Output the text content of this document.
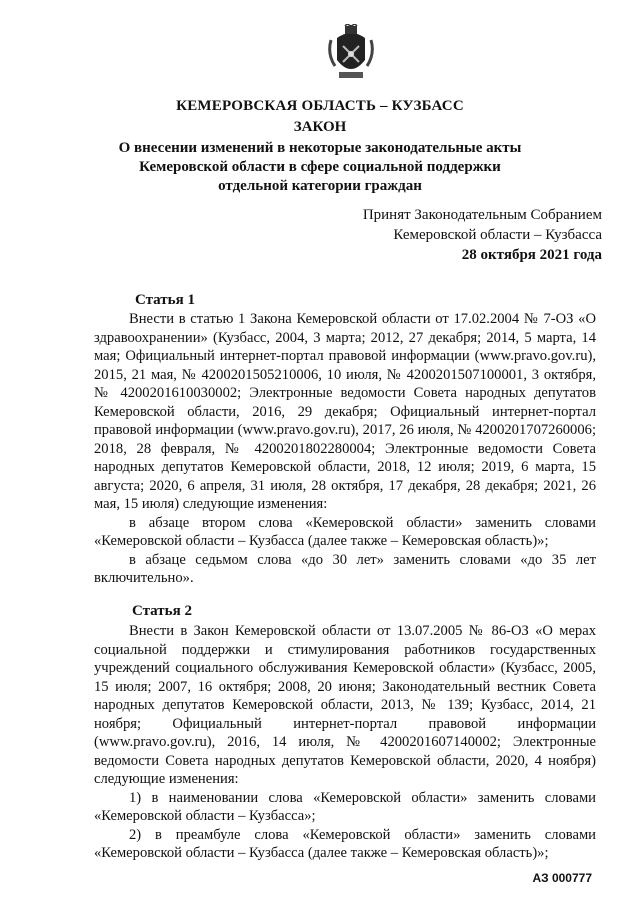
КЕМЕРОВСКАЯ ОБЛАСТЬ – КУЗБАСС
ЗАКОН
О внесении изменений в некоторые законодательные акты
Кемеровской области в сфере социальной поддержки
отдельной категории граждан
Принят Законодательным Собранием
Кемеровской области – Кузбасса
28 октября 2021 года
Статья 1

Внести в статью 1 Закона Кемеровской области от 17.02.2004 № 7-ОЗ «О здравоохранении» (Кузбасс, 2004, 3 марта; 2012, 27 декабря; 2014, 5 марта, 14 мая; Официальный интернет-портал правовой информации (www.pravo.gov.ru), 2015, 21 мая, № 4200201505210006, 10 июля, № 4200201507100001, 3 октября, № 4200201610030002; Электронные ведомости Совета народных депутатов Кемеровской области, 2016, 29 декабря; Официальный интернет-портал правовой информации (www.pravo.gov.ru), 2017, 26 июля, № 4200201707260006; 2018, 28 февраля, № 4200201802280004; Электронные ведомости Совета народных депутатов Кемеровской области, 2018, 12 июля; 2019, 6 марта, 15 августа; 2020, 6 апреля, 31 июля, 28 октября, 17 декабря, 28 декабря; 2021, 26 мая, 15 июля) следующие изменения:

в абзаце втором слова «Кемеровской области» заменить словами «Кемеровской области – Кузбасса (далее также – Кемеровская область)»;

в абзаце седьмом слова «до 30 лет» заменить словами «до 35 лет включительно».

Статья 2

Внести в Закон Кемеровской области от 13.07.2005 № 86-ОЗ «О мерах социальной поддержки и стимулирования работников государственных учреждений социального обслуживания Кемеровской области» (Кузбасс, 2005, 15 июля; 2007, 16 октября; 2008, 20 июня; Законодательный вестник Совета народных депутатов Кемеровской области, 2013, № 139; Кузбасс, 2014, 21 ноября; Официальный интернет-портал правовой информации (www.pravo.gov.ru), 2016, 14 июля, № 4200201607140002; Электронные ведомости Совета народных депутатов Кемеровской области, 2020, 4 ноября) следующие изменения:

1) в наименовании слова «Кемеровской области» заменить словами «Кемеровской области – Кузбасса»;

2) в преамбуле слова «Кемеровской области» заменить словами «Кемеровской области – Кузбасса (далее также – Кемеровская область)»;

АЗ 000777
